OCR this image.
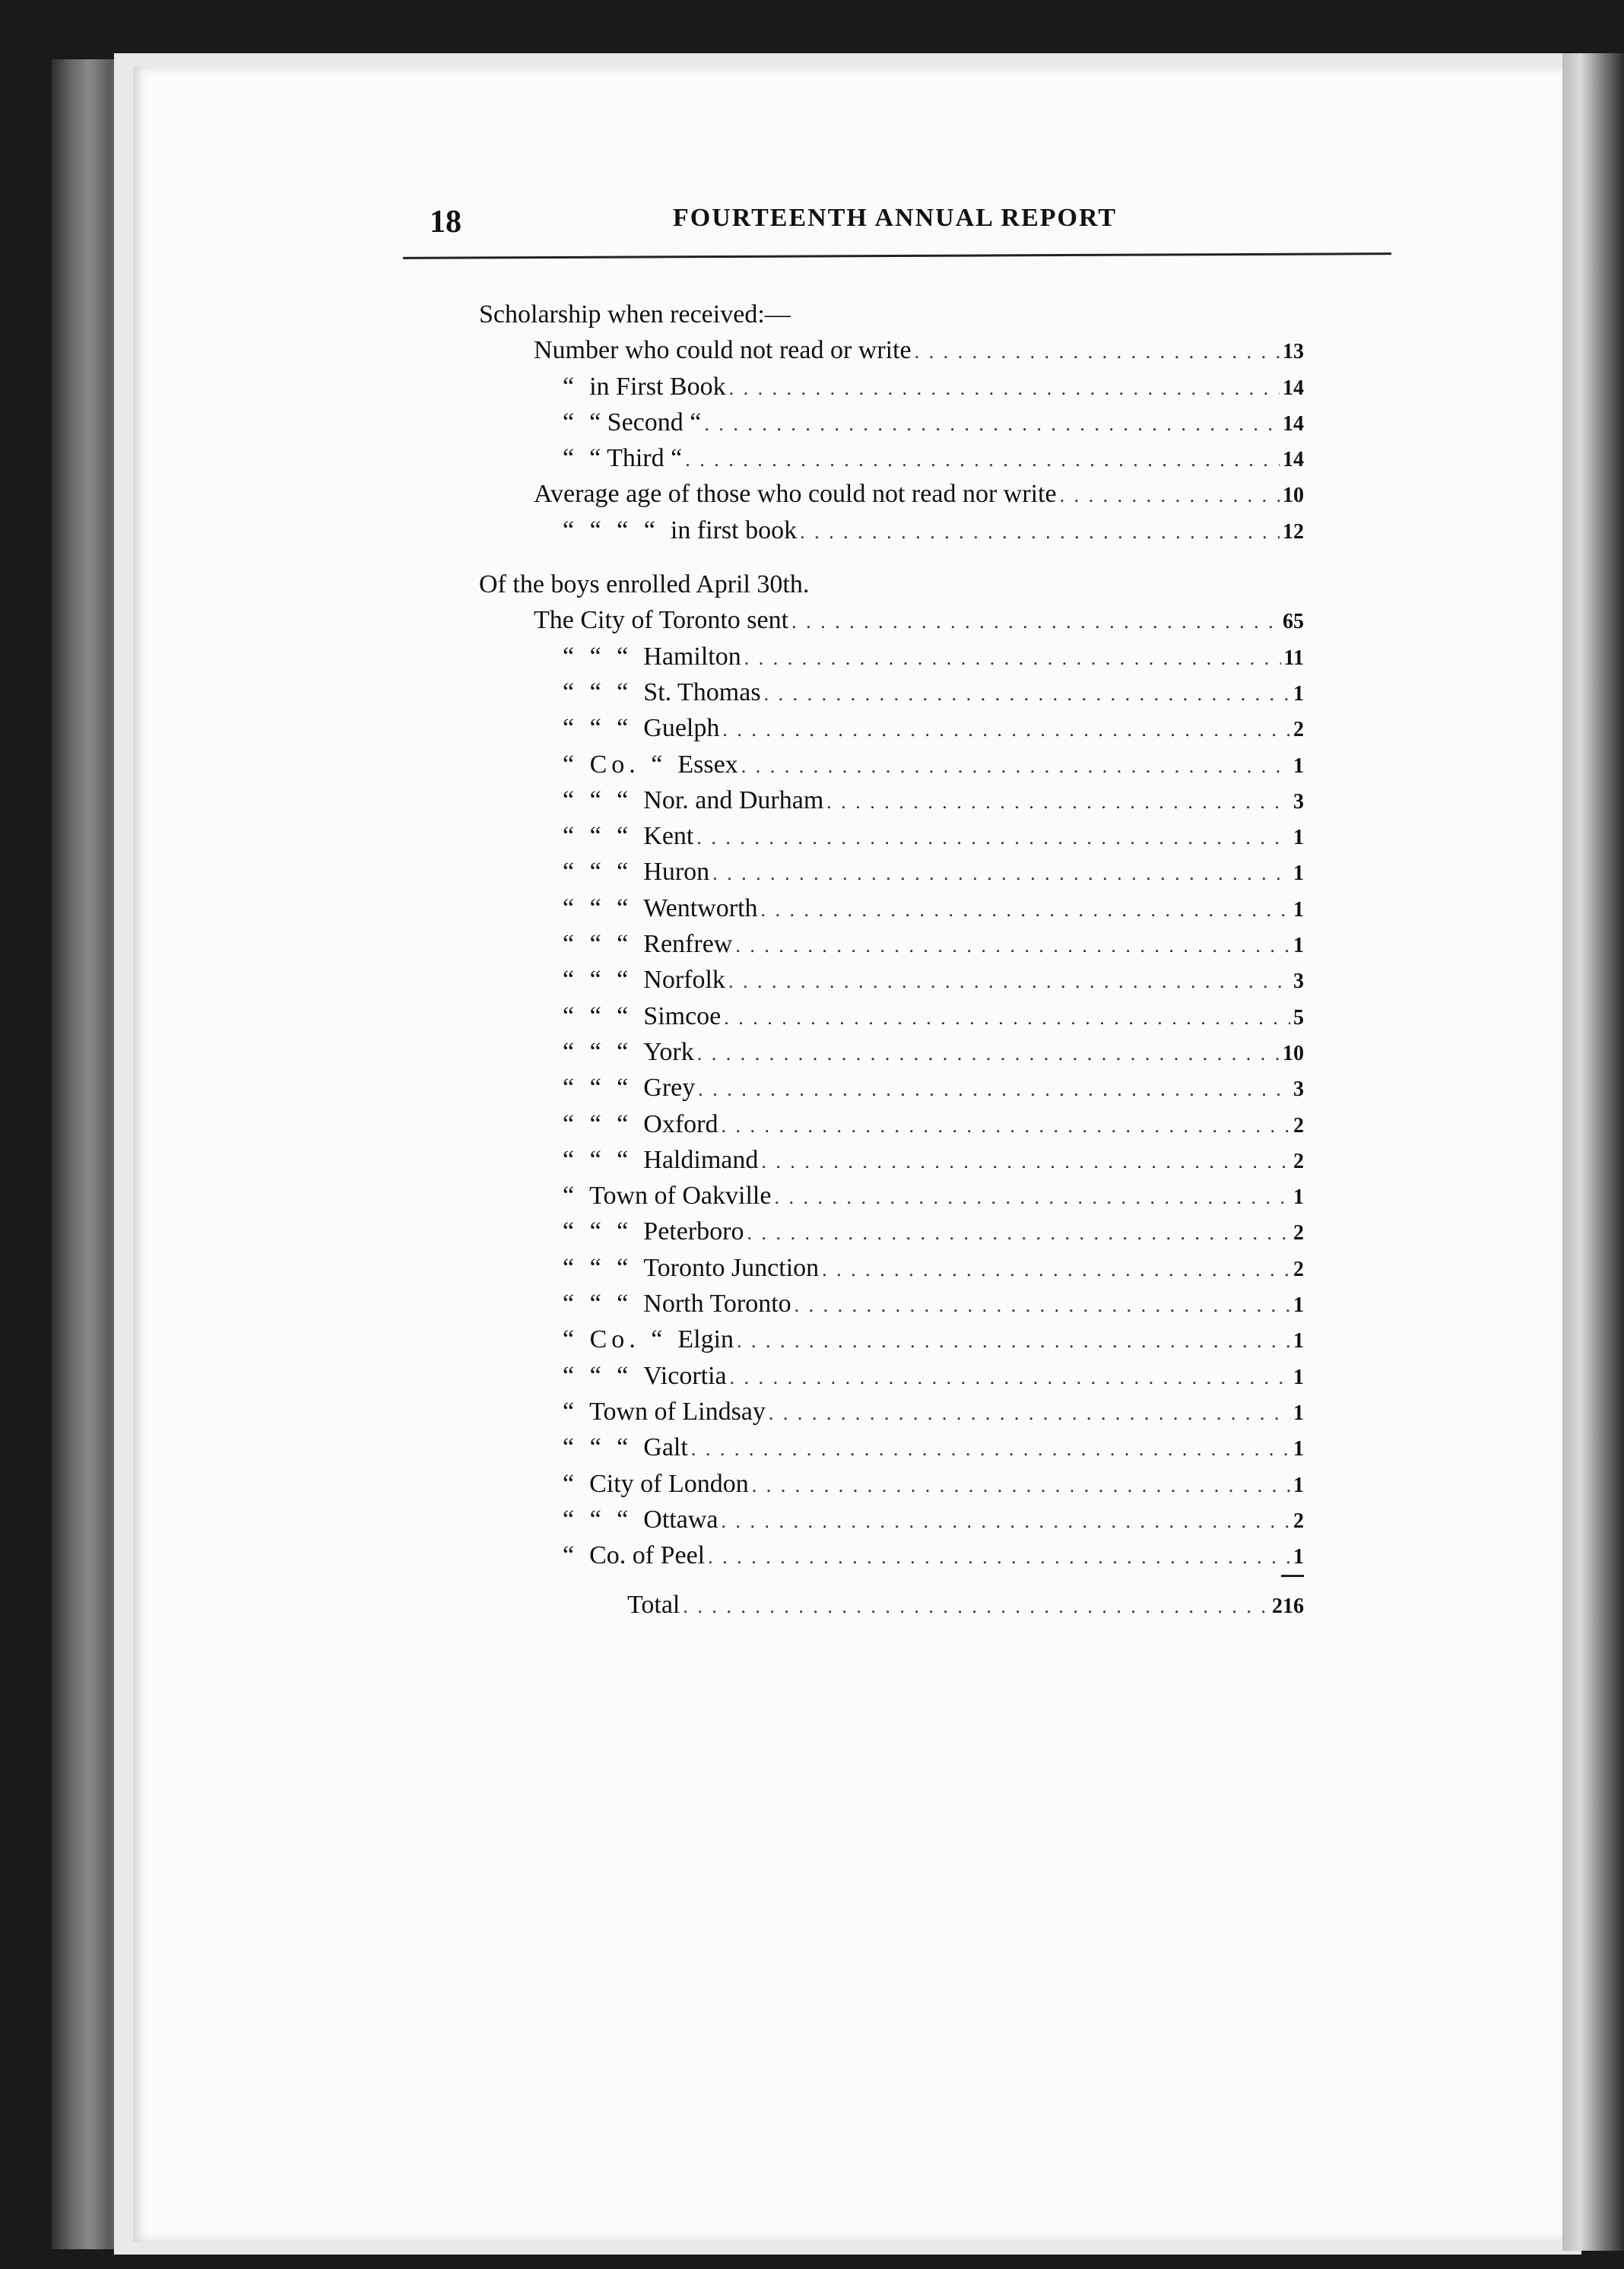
18	FOURTEENTH ANNUAL REPORT
Scholarship when received:—
Number who could not read or write . . .	13
“ in First Book . . .	14
“ “ Second “ . . .	14
“ “ Third “ . . .	14
Average age of those who could not read nor write . . .	10
“ “ “ “ in first book . . .	12
Of the boys enrolled April 30th.
The City of Toronto sent . . .	65
“ “ “ Hamilton . . .	11
“ “ “ St. Thomas . . .	1
“ “ “ Guelph . . .	2
“ Co. “ Essex . . .	1
“ “ “ Nor. and Durham . . .	3
“ “ “ Kent . . .	1
“ “ “ Huron . . .	1
“ “ “ Wentworth . . .	1
“ “ “ Renfrew . . .	1
“ “ “ Norfolk . . .	3
“ “ “ Simcoe . . .	5
“ “ “ York . . .	10
“ “ “ Grey . . .	3
“ “ “ Oxford . . .	2
“ “ “ Haldimand . . .	2
“ Town of Oakville . . .	1
“ “ “ Peterboro . . .	2
“ “ “ Toronto Junction . . .	2
“ “ “ North Toronto . . .	1
“ Co. “ Elgin . . .	1
“ “ “ Vicortia . . .	1
“ Town of Lindsay . . .	1
“ “ “ Galt . . .	1
“ City of London . . .	1
“ “ “ Ottawa . . .	2
“ Co. of Peel . . .	1
Total . . .	216
